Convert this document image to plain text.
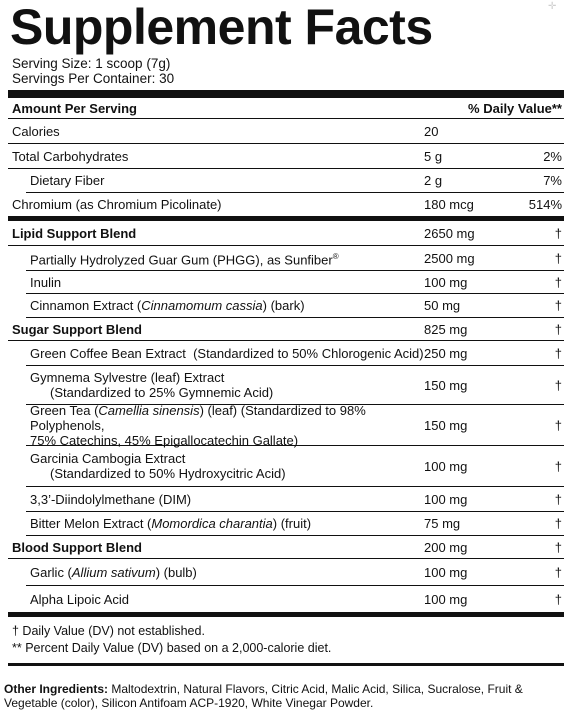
✛
Supplement Facts
Serving Size: 1 scoop (7g)
Servings Per Container: 30
Amount Per Serving	% Daily Value**
Calories	20
Total Carbohydrates	5 g	2%
Dietary Fiber	2 g	7%
Chromium (as Chromium Picolinate)	180 mcg	514%
Lipid Support Blend	2650 mg	†
Partially Hydrolyzed Guar Gum (PHGG), as Sunfiber®	2500 mg	†
Inulin	100 mg	†
Cinnamon Extract (Cinnamomum cassia) (bark)	50 mg	†
Sugar Support Blend	825 mg	†
Green Coffee Bean Extract  (Standardized to 50% Chlorogenic Acid) 250 mg	†
Gymnema Sylvestre (leaf) Extract
(Standardized to 25% Gymnemic Acid)	150 mg	†
Green Tea (Camellia sinensis) (leaf) (Standardized to 98% Polyphenols,
75% Catechins, 45% Epigallocatechin Gallate)
150 mg	†
Garcinia Cambogia Extract
(Standardized to 50% Hydroxycitric Acid)	100 mg	†
3,3’-Diindolylmethane (DIM)	100 mg	†
Bitter Melon Extract (Momordica charantia) (fruit)	75 mg	†
Blood Support Blend	200 mg	†
Garlic (Allium sativum) (bulb)	100 mg	†
Alpha Lipoic Acid	100 mg	†
† Daily Value (DV) not established.
** Percent Daily Value (DV) based on a 2,000-calorie diet.
Other Ingredients: Maltodextrin, Natural Flavors, Citric Acid, Malic Acid, Silica, Sucralose, Fruit & Vegetable (color), Silicon Antifoam ACP-1920, White Vinegar Powder.
